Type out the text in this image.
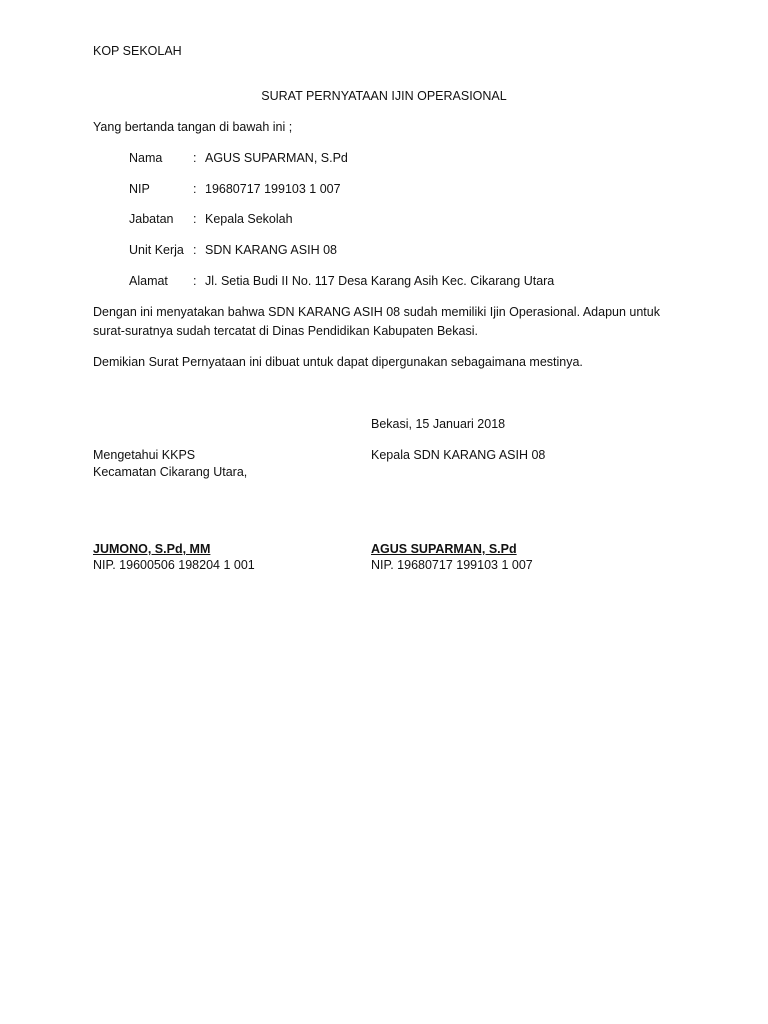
KOP SEKOLAH
SURAT PERNYATAAN IJIN OPERASIONAL
Yang bertanda tangan di bawah ini ;
Nama : AGUS SUPARMAN, S.Pd
NIP	: 19680717 199103 1 007
Jabatan : Kepala Sekolah
Unit Kerja : SDN KARANG ASIH 08
Alamat : Jl. Setia Budi II No. 117 Desa Karang Asih Kec. Cikarang Utara
Dengan ini menyatakan bahwa SDN KARANG ASIH 08 sudah memiliki Ijin Operasional. Adapun untuk surat-suratnya sudah tercatat di Dinas Pendidikan Kabupaten Bekasi.
Demikian Surat Pernyataan ini dibuat untuk dapat dipergunakan sebagaimana mestinya.
Bekasi, 15 Januari 2018
Mengetahui KKPS
Kecamatan Cikarang Utara,
Kepala SDN KARANG ASIH 08
JUMONO, S.Pd, MM	AGUS SUPARMAN, S.Pd
NIP. 19600506 198204 1 001	NIP. 19680717 199103 1 007
